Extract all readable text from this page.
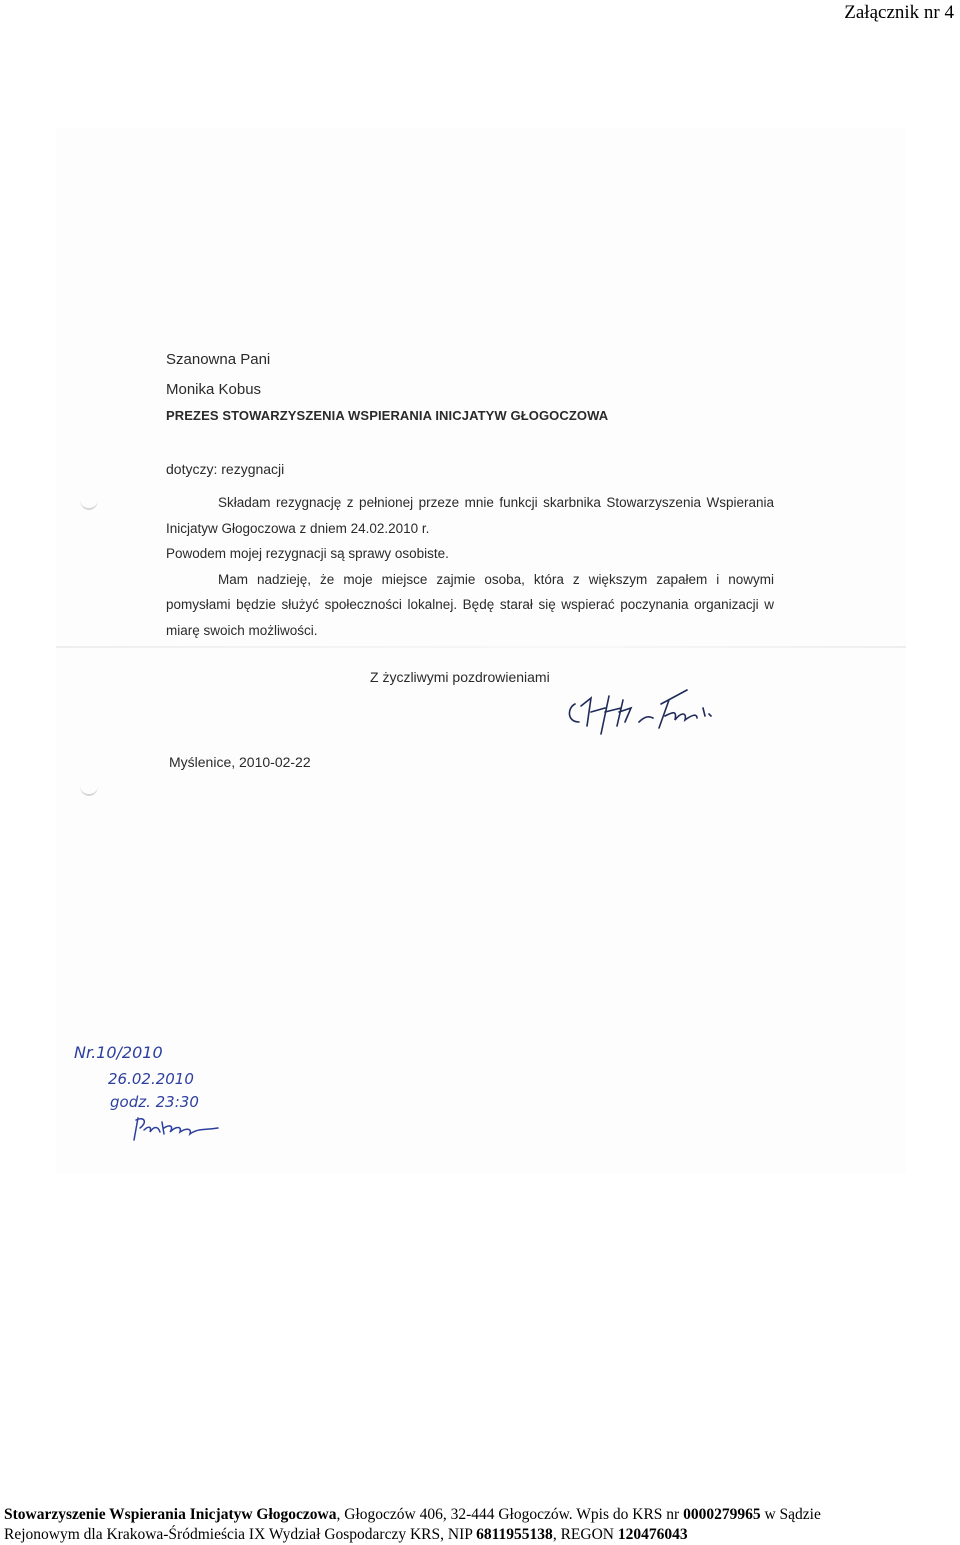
Załącznik nr 4
Szanowna Pani
Monika Kobus
PREZES STOWARZYSZENIA WSPIERANIA INICJATYW GŁOGOCZOWA
dotyczy: rezygnacji

Składam rezygnację z pełnionej przeze mnie funkcji skarbnika Stowarzyszenia Wspierania Inicjatyw Głogoczowa z dniem 24.02.2010 r.

Powodem mojej rezygnacji są sprawy osobiste.

Mam nadzieję, że moje miejsce zajmie osoba, która z większym zapałem i nowymi pomysłami będzie służyć społeczności lokalnej. Będę starał się wspierać poczynania organizacji w miarę swoich możliwości.

Z życzliwymi pozdrowieniami
Myślenice, 2010-02-22
Nr.10/2010
26.02.2010
godz. 23:30
Stowarzyszenie Wspierania Inicjatyw Głogoczowa, Głogoczów 406, 32-444 Głogoczów. Wpis do KRS nr 0000279965 w Sądzie
Rejonowym dla Krakowa-Śródmieścia IX Wydział Gospodarczy KRS, NIP 6811955138, REGON 120476043
